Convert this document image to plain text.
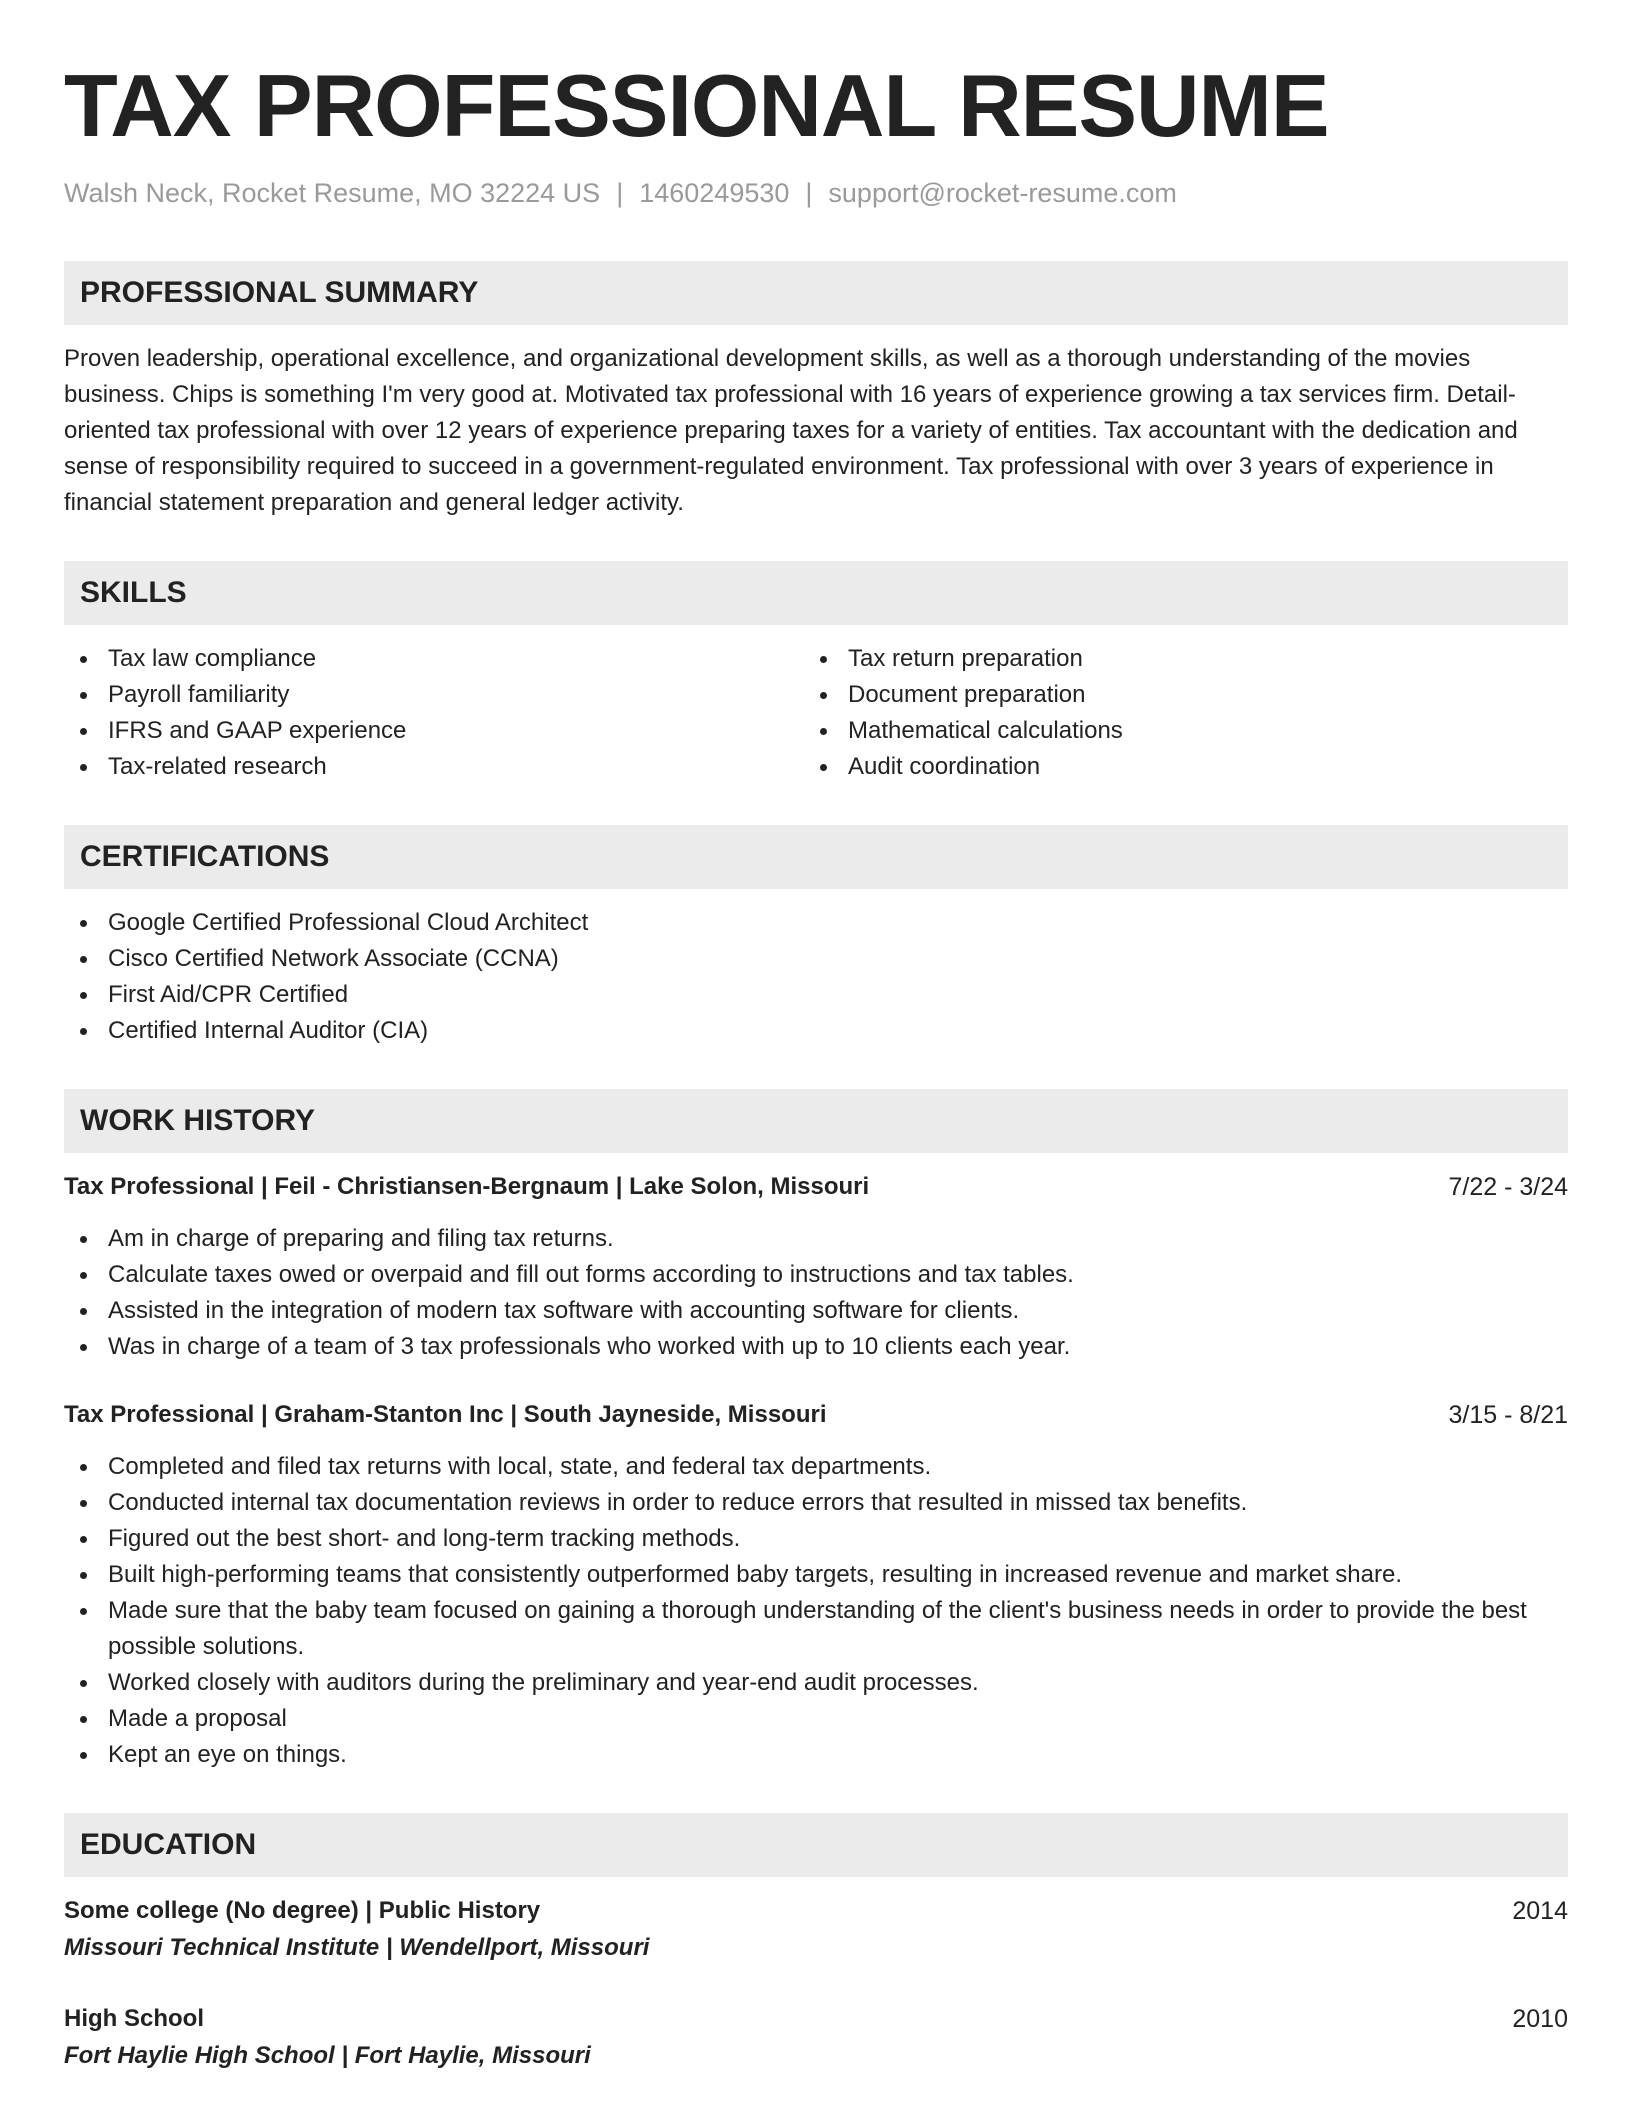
TAX PROFESSIONAL RESUME
Walsh Neck, Rocket Resume, MO 32224 US | 1460249530 | support@rocket-resume.com
PROFESSIONAL SUMMARY
Proven leadership, operational excellence, and organizational development skills, as well as a thorough understanding of the movies business. Chips is something I'm very good at. Motivated tax professional with 16 years of experience growing a tax services firm. Detail-oriented tax professional with over 12 years of experience preparing taxes for a variety of entities. Tax accountant with the dedication and sense of responsibility required to succeed in a government-regulated environment. Tax professional with over 3 years of experience in financial statement preparation and general ledger activity.
SKILLS
Tax law compliance
Payroll familiarity
IFRS and GAAP experience
Tax-related research
Tax return preparation
Document preparation
Mathematical calculations
Audit coordination
CERTIFICATIONS
Google Certified Professional Cloud Architect
Cisco Certified Network Associate (CCNA)
First Aid/CPR Certified
Certified Internal Auditor (CIA)
WORK HISTORY
Tax Professional | Feil - Christiansen-Bergnaum | Lake Solon, Missouri	7/22 - 3/24
Am in charge of preparing and filing tax returns.
Calculate taxes owed or overpaid and fill out forms according to instructions and tax tables.
Assisted in the integration of modern tax software with accounting software for clients.
Was in charge of a team of 3 tax professionals who worked with up to 10 clients each year.
Tax Professional | Graham-Stanton Inc | South Jayneside, Missouri	3/15 - 8/21
Completed and filed tax returns with local, state, and federal tax departments.
Conducted internal tax documentation reviews in order to reduce errors that resulted in missed tax benefits.
Figured out the best short- and long-term tracking methods.
Built high-performing teams that consistently outperformed baby targets, resulting in increased revenue and market share.
Made sure that the baby team focused on gaining a thorough understanding of the client's business needs in order to provide the best possible solutions.
Worked closely with auditors during the preliminary and year-end audit processes.
Made a proposal
Kept an eye on things.
EDUCATION
Some college (No degree) | Public History	2014
Missouri Technical Institute | Wendellport, Missouri
High School	2010
Fort Haylie High School | Fort Haylie, Missouri
